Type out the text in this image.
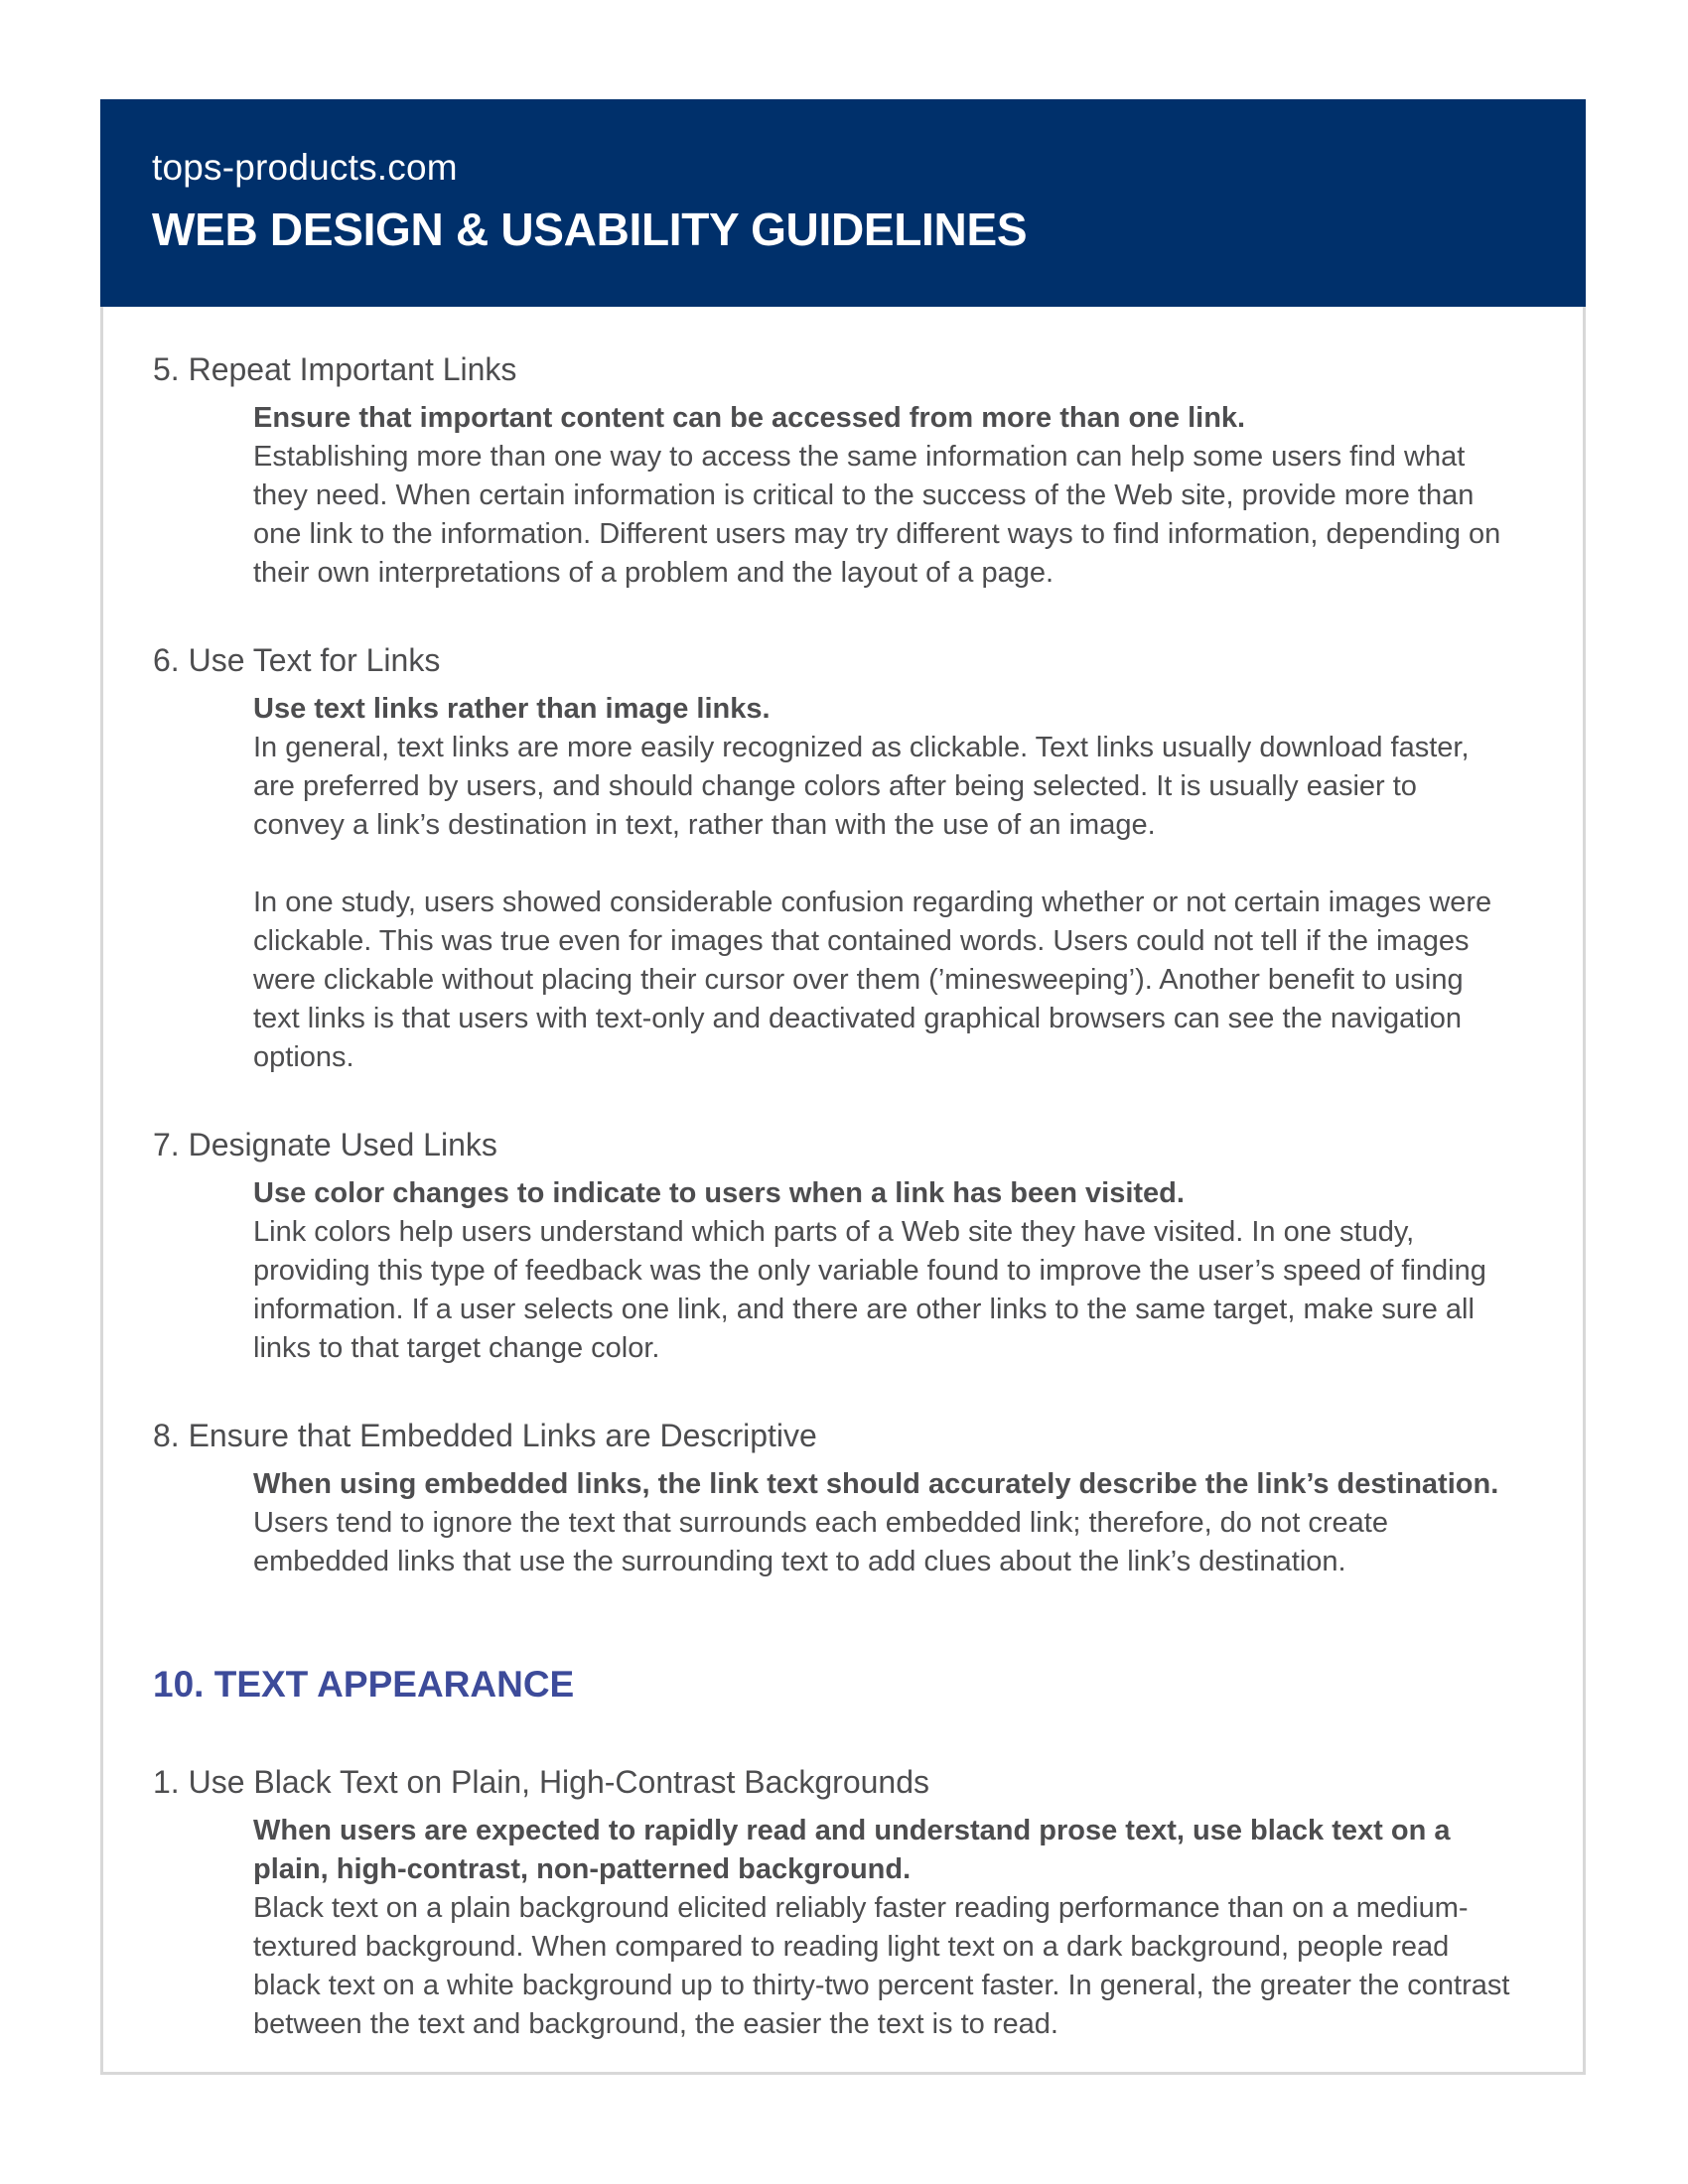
tops-products.com
WEB DESIGN & USABILITY GUIDELINES
5. Repeat Important Links

Ensure that important content can be accessed from more than one link.

Establishing more than one way to access the same information can help some users find what they need. When certain information is critical to the success of the Web site, provide more than one link to the information. Different users may try different ways to find information, depending on their own interpretations of a problem and the layout of a page.

6. Use Text for Links

Use text links rather than image links.

In general, text links are more easily recognized as clickable. Text links usually download faster, are preferred by users, and should change colors after being selected. It is usually easier to convey a link’s destination in text, rather than with the use of an image.

In one study, users showed considerable confusion regarding whether or not certain images were clickable. This was true even for images that contained words. Users could not tell if the images were clickable without placing their cursor over them (’minesweeping’). Another benefit to using text links is that users with text-only and deactivated graphical browsers can see the navigation options.

7. Designate Used Links

Use color changes to indicate to users when a link has been visited.

Link colors help users understand which parts of a Web site they have visited. In one study, providing this type of feedback was the only variable found to improve the user’s speed of finding information. If a user selects one link, and there are other links to the same target, make sure all links to that target change color.

8. Ensure that Embedded Links are Descriptive

When using embedded links, the link text should accurately describe the link’s destination.

Users tend to ignore the text that surrounds each embedded link; therefore, do not create embedded links that use the surrounding text to add clues about the link’s destination.

10. TEXT APPEARANCE
1. Use Black Text on Plain, High-Contrast Backgrounds

When users are expected to rapidly read and understand prose text, use black text on a plain, high-contrast, non-patterned background.

Black text on a plain background elicited reliably faster reading performance than on a medium-textured background. When compared to reading light text on a dark background, people read black text on a white background up to thirty-two percent faster. In general, the greater the contrast between the text and background, the easier the text is to read.
